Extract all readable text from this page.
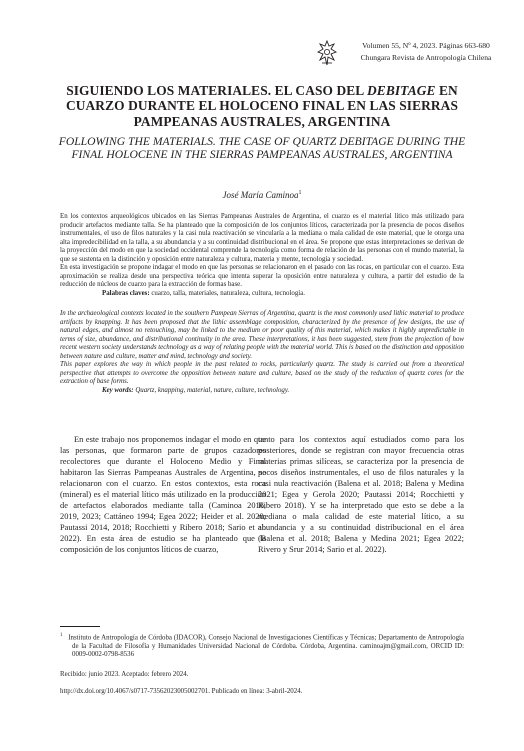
Volumen 55, Nº 4, 2023. Páginas 663-680
Chungara Revista de Antropología Chilena
SIGUIENDO LOS MATERIALES. EL CASO DEL DEBITAGE EN CUARZO DURANTE EL HOLOCENO FINAL EN LAS SIERRAS PAMPEANAS AUSTRALES, ARGENTINA
FOLLOWING THE MATERIALS. THE CASE OF QUARTZ DEBITAGE DURING THE FINAL HOLOCENE IN THE SIERRAS PAMPEANAS AUSTRALES, ARGENTINA
José María Caminoa$^1$

En los contextos arqueológicos ubicados en las Sierras Pampeanas Australes de Argentina, el cuarzo es el material lítico más utilizado para producir artefactos mediante talla. Se ha planteado que la composición de los conjuntos líticos, caracterizada por la presencia de pocos diseños instrumentales, el uso de filos naturales y la casi nula reactivación se vincularía a la mediana o mala calidad de este material, que le otorga una alta impredecibilidad en la talla, a su abundancia y a su continuidad distribucional en el área. Se propone que estas interpretaciones se derivan de la proyección del modo en que la sociedad occidental comprende la tecnología como forma de relación de las personas con el mundo material, la que se sustenta en la distinción y oposición entre naturaleza y cultura, materia y mente, tecnología y sociedad.

En esta investigación se propone indagar el modo en que las personas se relacionaron en el pasado con las rocas, en particular con el cuarzo. Esta aproximación se realiza desde una perspectiva teórica que intenta superar la oposición entre naturaleza y cultura, a partir del estudio de la reducción de núcleos de cuarzo para la extracción de formas base.

Palabras claves: cuarzo, talla, materiales, naturaleza, cultura, tecnología.

In the archaeological contexts located in the southern Pampean Sierras of Argentina, quartz is the most commonly used lithic material to produce artifacts by knapping. It has been proposed that the lithic assemblage composition, characterized by the presence of few designs, the use of natural edges, and almost no retouching, may be linked to the medium or poor quality of this material, which makes it highly unpredictable in terms of size, abundance, and distributional continuity in the area. These interpretations, it has been suggested, stem from the projection of how recent western society understands technology as a way of relating people with the material world. This is based on the distinction and opposition between nature and culture, matter and mind, technology and society.

This paper explores the way in which people in the past related to rocks, particularly quartz. The study is carried out from a theoretical perspective that attempts to overcome the opposition between nature and culture, based on the study of the reduction of quartz cores for the extraction of base forms.

Key words: Quartz, knapping, material, nature, culture, technology.

En este trabajo nos proponemos indagar el modo en que las personas, que formaron parte de grupos cazadores recolectores que durante el Holoceno Medio y Final habitaron las Sierras Pampeanas Australes de Argentina, se relacionaron con el cuarzo. En estos contextos, esta roca (mineral) es el material lítico más utilizado en la producción de artefactos elaborados mediante talla (Caminoa 2016, 2019, 2023; Cattáneo 1994; Egea 2022; Heider et al. 2020; Pautassi 2014, 2018; Rocchietti y Ribero 2018; Sario et al. 2022). En esta área de estudio se ha planteado que la composición de los conjuntos líticos de cuarzo,

tanto para los contextos aquí estudiados como para los posteriores, donde se registran con mayor frecuencia otras materias primas silíceas, se caracteriza por la presencia de pocos diseños instrumentales, el uso de filos naturales y la casi nula reactivación (Balena et al. 2018; Balena y Medina 2021; Egea y Gerola 2020; Pautassi 2014; Rocchietti y Ribero 2018). Y se ha interpretado que esto se debe a la mediana o mala calidad de este material lítico, a su abundancia y a su continuidad distribucional en el área (Balena et al. 2018; Balena y Medina 2021; Egea 2022; Rivero y Srur 2014; Sario et al. 2022).

$^1$ Instituto de Antropología de Córdoba (IDACOR), Consejo Nacional de Investigaciones Científicas y Técnicas; Departamento de Antropología de la Facultad de Filosofía y Humanidades Universidad Nacional de Córdoba. Córdoba, Argentina. caminoajm@gmail.com, ORCID ID: 0009-0002-0798-8536
Recibido: junio 2023. Aceptado: febrero 2024.
http://dx.doi.org/10.4067/s0717-73562023005002701. Publicado en línea: 3-abril-2024.
